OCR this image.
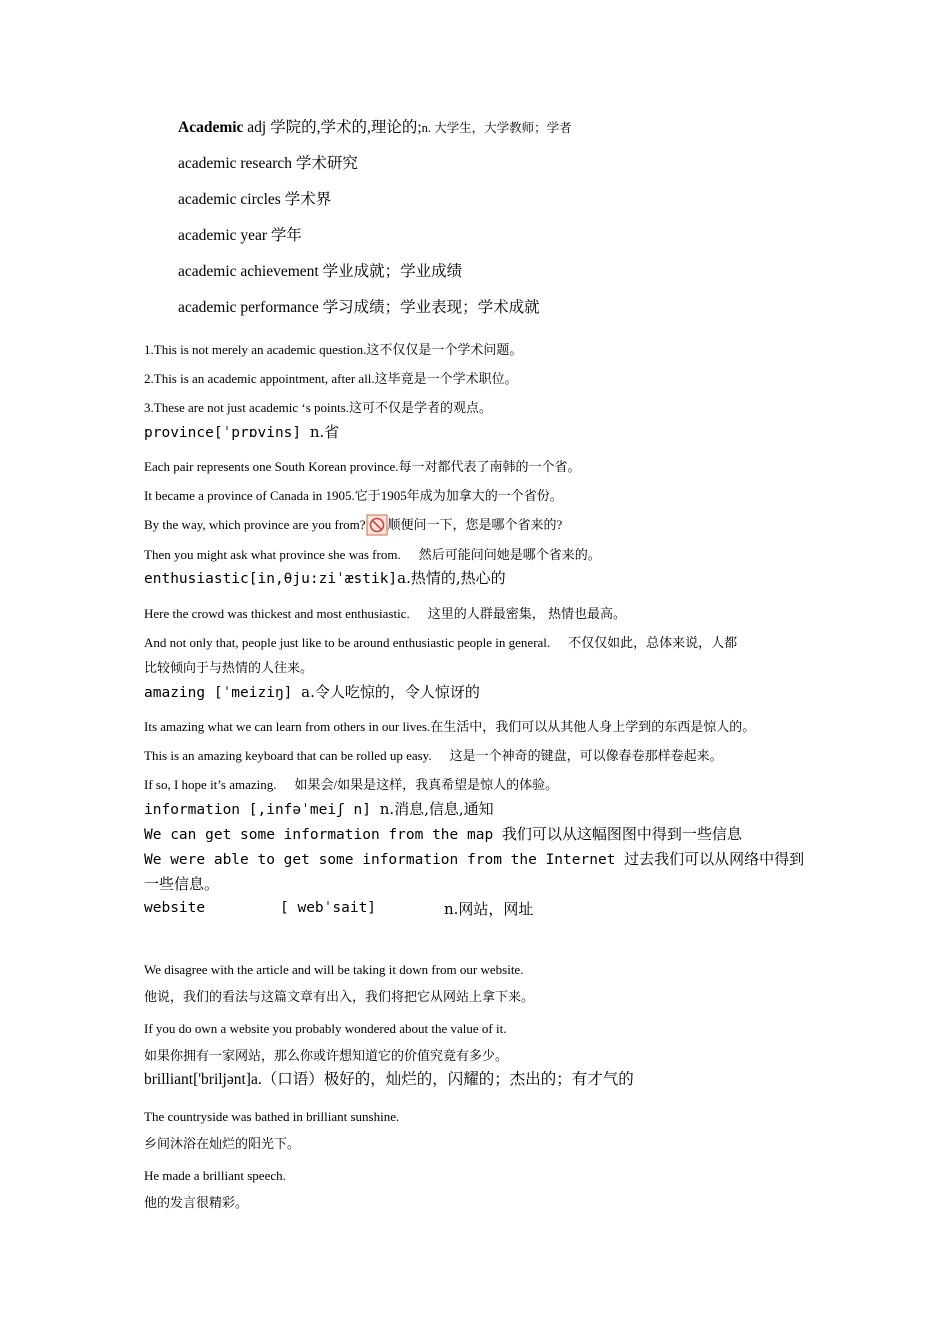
Academic adj 学院的,学术的,理论的;n. 大学生，大学教师；学者
academic research 学术研究
academic circles 学术界
academic year 学年
academic achievement 学业成就；学业成绩
academic performance 学习成绩；学业表现；学术成就
1.This is not merely an academic question.这不仅仅是一个学术问题。
2.This is an academic appointment, after all.这毕竟是一个学术职位。
3.These are not just academic ‘s points.这可不仅是学者的观点。
province[ˈprɒvins] n.省
Each pair represents one South Korean province.每一对都代表了南韩的一个省。
It became a province of Canada in 1905.它于1905年成为加拿大的一个省份。
By the way, which province are you from? 顺便问一下，您是哪个省来的?
Then you might ask what province she was from. 然后可能问问她是哪个省来的。
enthusiastic[in,θju:ziˈæstik]a.热情的,热心的
Here the crowd was thickest and most enthusiastic. 这里的人群最密集， 热情也最高。
And not only that, people just like to be around enthusiastic people in general. 不仅仅如此，总体来说，人都
比较倾向于与热情的人往来。
amazing [ˈmeiziŋ] a.令人吃惊的，令人惊讶的
Its amazing what we can learn from others in our lives.在生活中，我们可以从其他人身上学到的东西是惊人的。
This is an amazing keyboard that can be rolled up easy. 这是一个神奇的键盘，可以像春卷那样卷起来。
If so, I hope it’s amazing. 如果会/如果是这样，我真希望是惊人的体验。
information [,infəˈmeiʃ n] n.消息,信息,通知
We can get some information from the map 我们可以从这幅图图中得到一些信息
We were able to get some information from the Internet 过去我们可以从网络中得到
一些信息。
website	[ webˈsait]	n.网站，网址
We disagree with the article and will be taking it down from our website.
他说，我们的看法与这篇文章有出入，我们将把它从网站上拿下来。
If you do own a website you probably wondered about the value of it.
如果你拥有一家网站，那么你或许想知道它的价值究竟有多少。
brilliant['briljənt]a.（口语）极好的，灿烂的，闪耀的；杰出的；有才气的
The countryside was bathed in brilliant sunshine.
乡间沐浴在灿烂的阳光下。
He made a brilliant speech.
他的发言很精彩。
